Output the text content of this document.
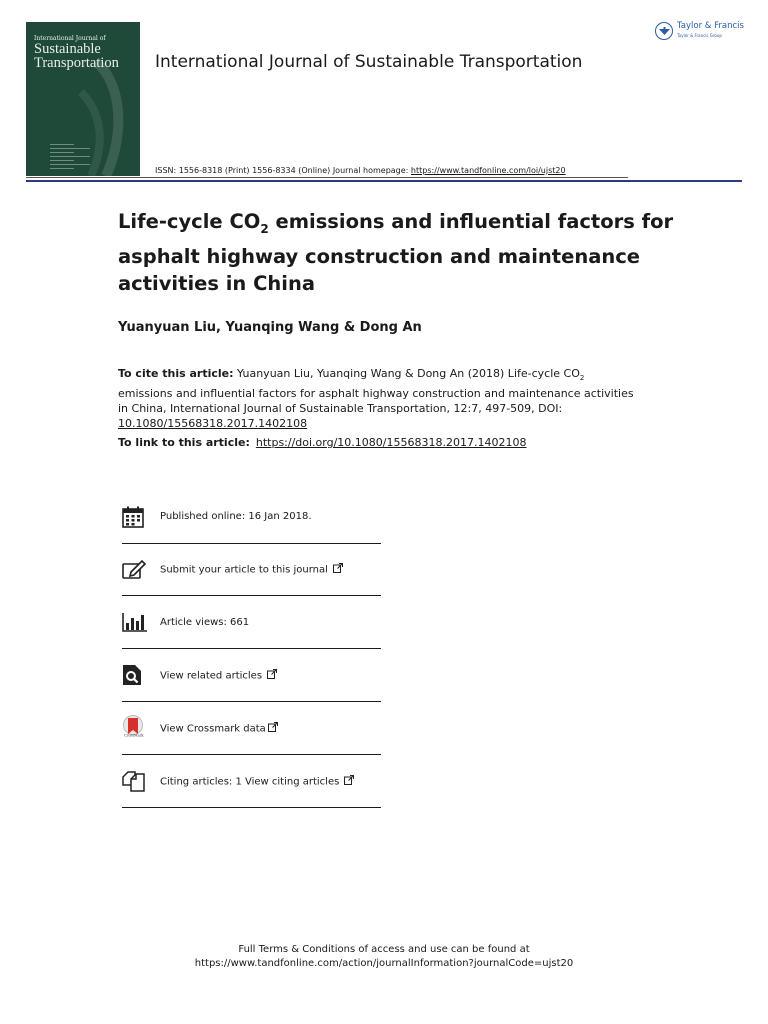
International Journal of
Sustainable
Transportation International Journal of Sustainable Transportation
Taylor & Francis
Taylor & Francis Group
ISSN: 1556-8318 (Print) 1556-8334 (Online) Journal homepage: https://www.tandfonline.com/loi/ujst20
Life-cycle $CO_2$ emissions and influential factors for asphalt highway construction and maintenance activities in China
Yuanyuan Liu, Yuanqing Wang & Dong An
To cite this article: Yuanyuan Liu, Yuanqing Wang & Dong An (2018) Life-cycle $CO_2$ emissions and influential factors for asphalt highway construction and maintenance activities in China, International Journal of Sustainable Transportation, 12:7, 497-509, DOI: 10.1080/15568318.2017.1402108
To link to this article: https://doi.org/10.1080/15568318.2017.1402108
Published online: 16 Jan 2018.
Submit your article to this journal
Article views: 661
View related articles
CrossMark
View Crossmark data
Citing articles: 1 View citing articles
Full Terms & Conditions of access and use can be found at
https://www.tandfonline.com/action/journalInformation?journalCode=ujst20
